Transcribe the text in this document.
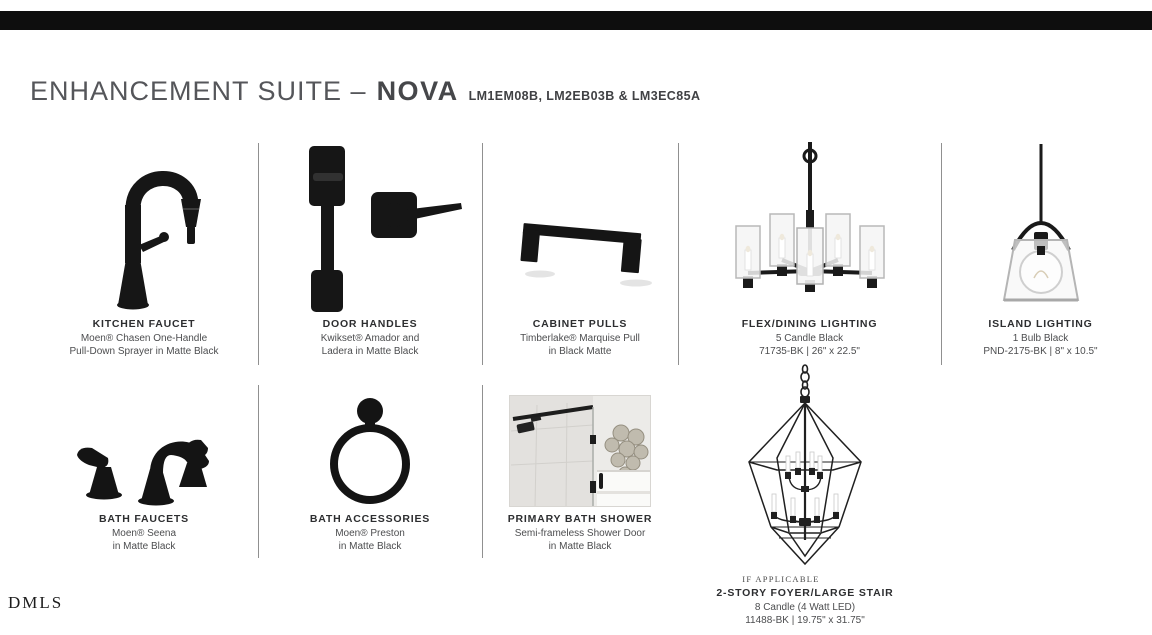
ENHANCEMENT SUITE – NOVA LM1EM08B, LM2EB03B & LM3EC85A
KITCHEN FAUCET
Moen® Chasen One-Handle
Pull-Down Sprayer in Matte Black
DOOR HANDLES
Kwikset® Amador and
Ladera in Matte Black
CABINET PULLS
Timberlake® Marquise Pull
in Black Matte
FLEX/DINING LIGHTING
5 Candle Black
71735-BK | 26" x 22.5"
ISLAND LIGHTING
1 Bulb Black
PND-2175-BK | 8" x 10.5"
BATH FAUCETS
Moen® Seena
in Matte Black
BATH ACCESSORIES
Moen® Preston
in Matte Black
PRIMARY BATH SHOWER
Semi-frameless Shower Door
in Matte Black
IF APPLICABLE
2-STORY FOYER/LARGE STAIR
8 Candle (4 Watt LED)
11488-BK | 19.75" x 31.75"
DMLS
